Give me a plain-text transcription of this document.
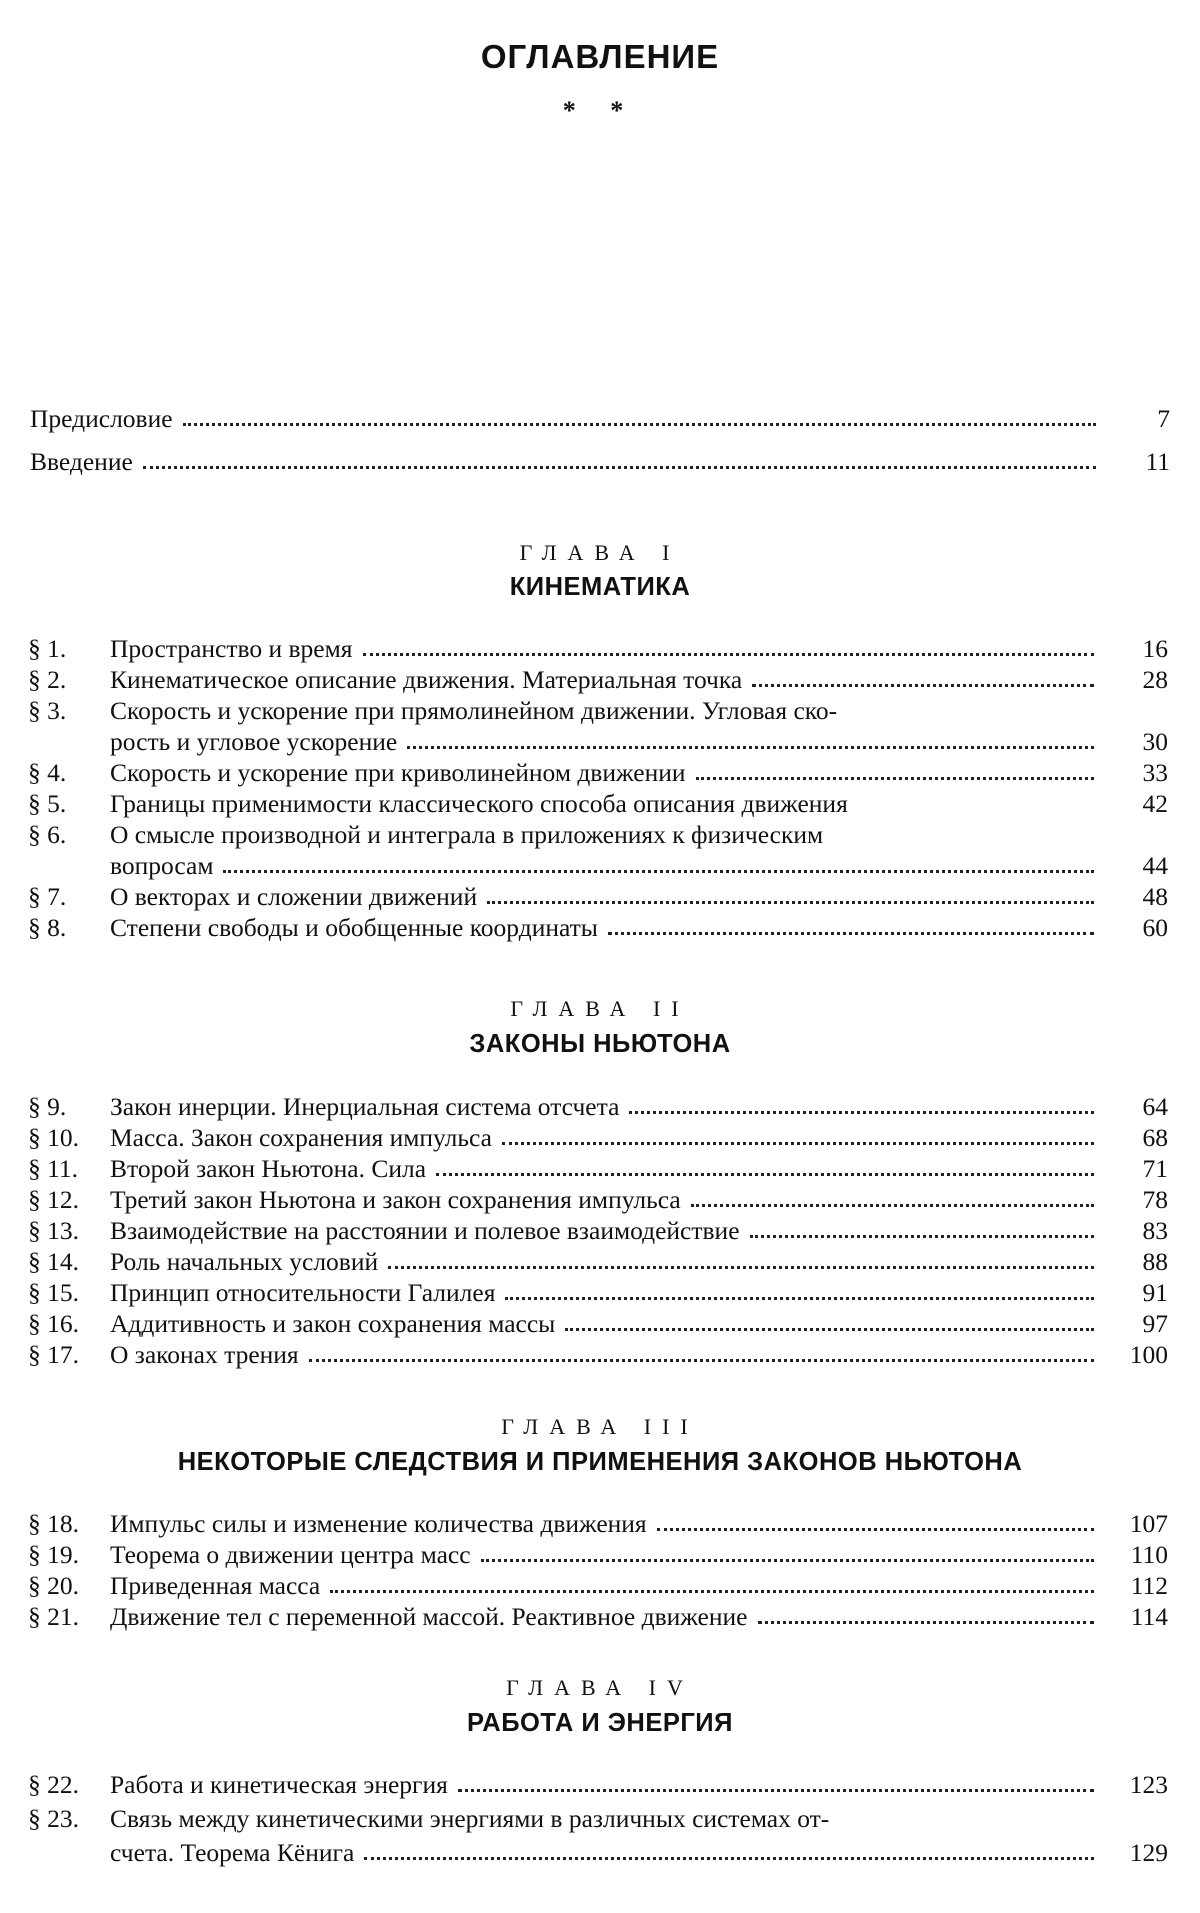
ОГЛАВЛЕНИЕ
* *
Предисловие	7
Введение	11
ГЛАВА I
КИНЕМАТИКА
§ 1.	Пространство и время	16
§ 2.	Кинематическое описание движения. Материальная точка	28
§ 3.	Скорость и ускорение при прямолинейном движении. Угловая ско-
рость и угловое ускорение	30
§ 4.	Скорость и ускорение при криволинейном движении	33
§ 5.	Границы применимости классического способа описания движения	42
§ 6.	О смысле производной и интеграла в приложениях к физическим
вопросам	44
§ 7.	О векторах и сложении движений	48
§ 8.	Степени свободы и обобщенные координаты	60
ГЛАВА II
ЗАКОНЫ НЬЮТОНА
§ 9.	Закон инерции. Инерциальная система отсчета	64
§ 10.	Масса. Закон сохранения импульса	68
§ 11.	Второй закон Ньютона. Сила	71
§ 12.	Третий закон Ньютона и закон сохранения импульса	78
§ 13.	Взаимодействие на расстоянии и полевое взаимодействие	83
§ 14.	Роль начальных условий	88
§ 15.	Принцип относительности Галилея	91
§ 16.	Аддитивность и закон сохранения массы	97
§ 17.	О законах трения	100
ГЛАВА III
НЕКОТОРЫЕ СЛЕДСТВИЯ И ПРИМЕНЕНИЯ ЗАКОНОВ НЬЮТОНА
§ 18.	Импульс силы и изменение количества движения	107
§ 19.	Теорема о движении центра масс	110
§ 20.	Приведенная масса	112
§ 21.	Движение тел с переменной массой. Реактивное движение	114
ГЛАВА IV
РАБОТА И ЭНЕРГИЯ
§ 22.	Работа и кинетическая энергия	123
§ 23.	Связь между кинетическими энергиями в различных системах от-
счета. Теорема Кёнига	129
